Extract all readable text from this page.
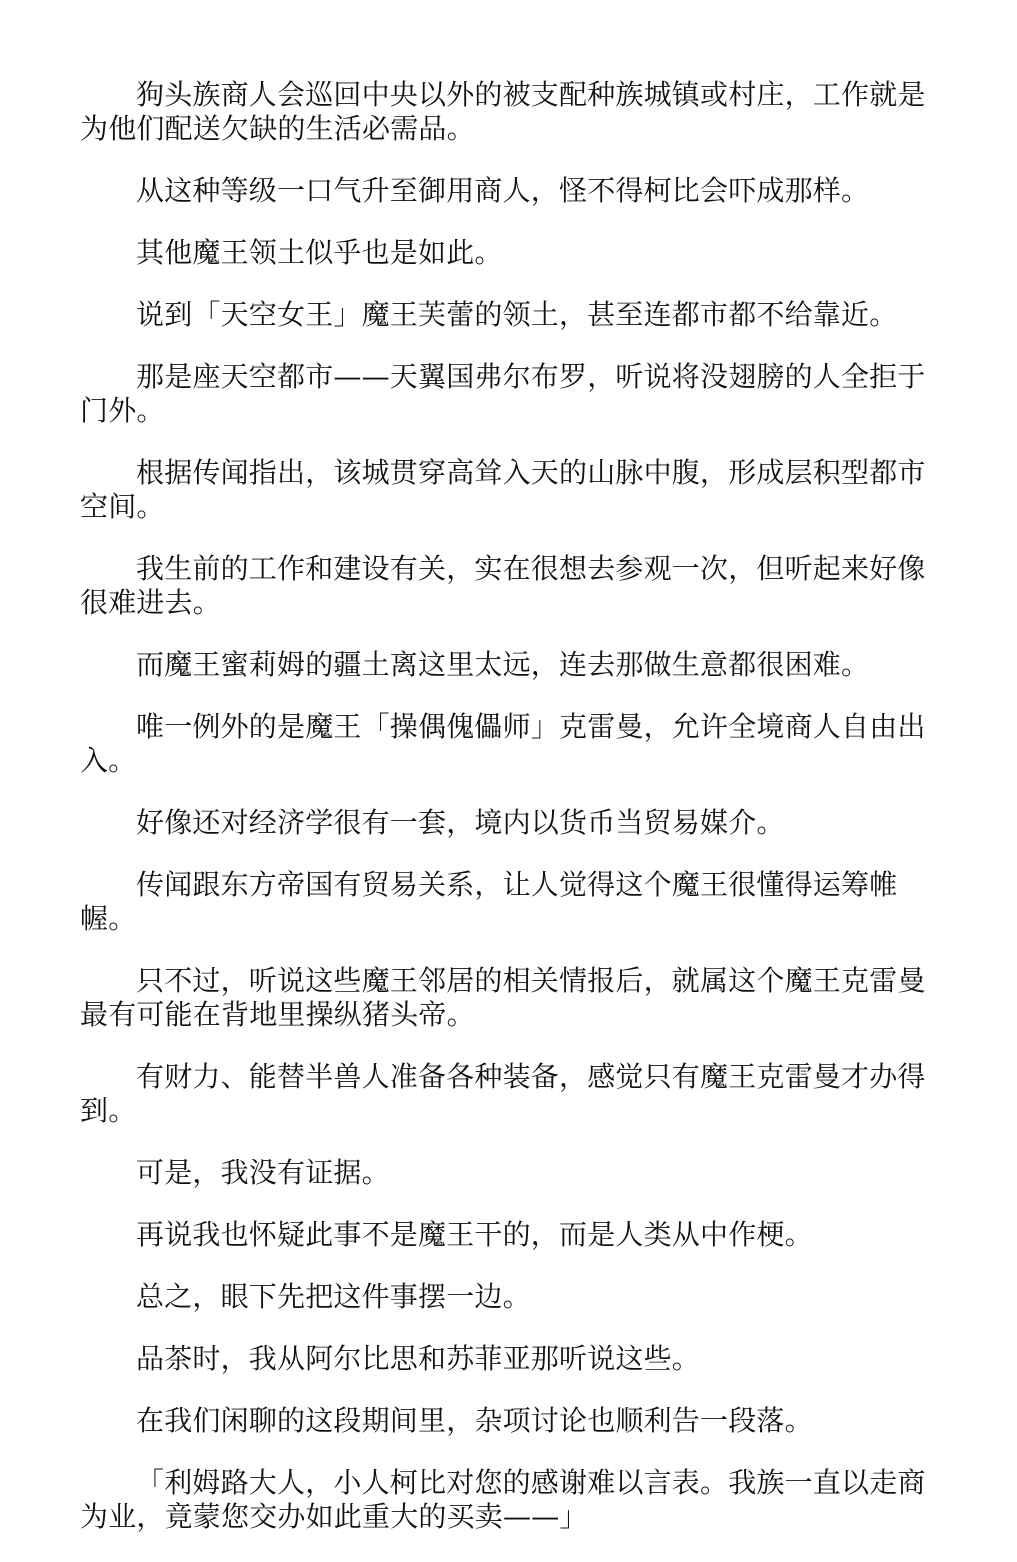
狗头族商人会巡回中央以外的被支配种族城镇或村庄，工作就是为他们配送欠缺的生活必需品。

从这种等级一口气升至御用商人，怪不得柯比会吓成那样。

其他魔王领土似乎也是如此。

说到「天空女王」魔王芙蕾的领土，甚至连都市都不给靠近。

那是座天空都市——天翼国弗尔布罗，听说将没翅膀的人全拒于门外。

根据传闻指出，该城贯穿高耸入天的山脉中腹，形成层积型都市空间。

我生前的工作和建设有关，实在很想去参观一次，但听起来好像很难进去。

而魔王蜜莉姆的疆土离这里太远，连去那做生意都很困难。

唯一例外的是魔王「操偶傀儡师」克雷曼，允许全境商人自由出入。

好像还对经济学很有一套，境内以货币当贸易媒介。

传闻跟东方帝国有贸易关系，让人觉得这个魔王很懂得运筹帷幄。

只不过，听说这些魔王邻居的相关情报后，就属这个魔王克雷曼最有可能在背地里操纵猪头帝。

有财力、能替半兽人准备各种装备，感觉只有魔王克雷曼才办得到。

可是，我没有证据。

再说我也怀疑此事不是魔王干的，而是人类从中作梗。

总之，眼下先把这件事摆一边。

品茶时，我从阿尔比思和苏菲亚那听说这些。

在我们闲聊的这段期间里，杂项讨论也顺利告一段落。

「利姆路大人，小人柯比对您的感谢难以言表。我族一直以走商为业，竟蒙您交办如此重大的买卖——」
